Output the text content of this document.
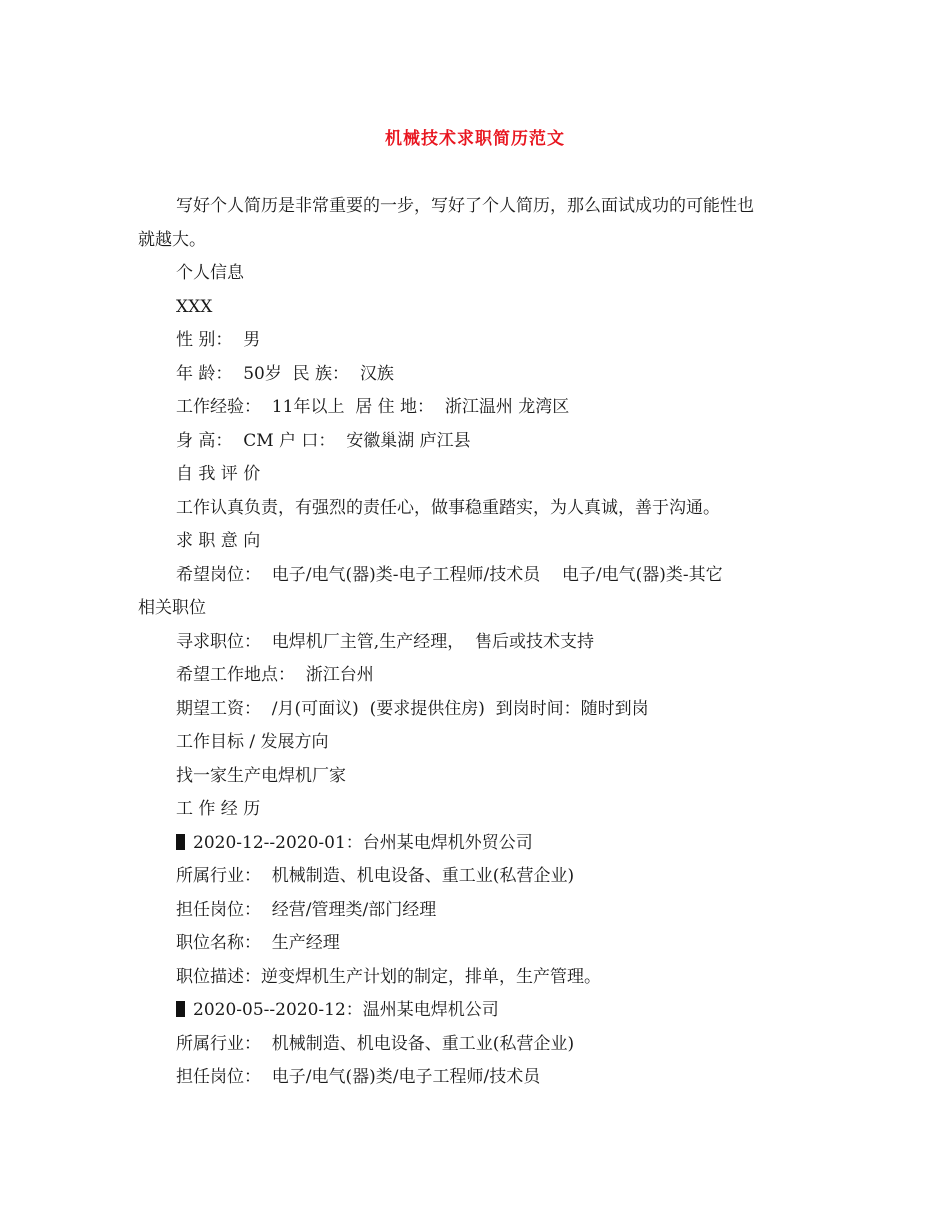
机械技术求职简历范文

写好个人简历是非常重要的一步，写好了个人简历，那么面试成功的可能性也

就越大。

个人信息

XXX

性 别：  男

年 龄：  50岁  民 族：  汉族

工作经验：  11年以上  居 住 地：  浙江温州 龙湾区

身 高：  CM 户 口：  安徽巢湖 庐江县

自 我 评 价

工作认真负责，有强烈的责任心，做事稳重踏实，为人真诚，善于沟通。

求 职 意 向

希望岗位：  电子/电气(器)类-电子工程师/技术员    电子/电气(器)类-其它

相关职位

寻求职位：  电焊机厂主管,生产经理，  售后或技术支持

希望工作地点：  浙江台州

期望工资：  /月(可面议)  (要求提供住房)  到岗时间：随时到岗

工作目标 / 发展方向

找一家生产电焊机厂家

工 作 经 历

2020-12--2020-01：台州某电焊机外贸公司

所属行业：  机械制造、机电设备、重工业(私营企业)

担任岗位：  经营/管理类/部门经理

职位名称：  生产经理

职位描述：逆变焊机生产计划的制定，排单，生产管理。

2020-05--2020-12：温州某电焊机公司

所属行业：  机械制造、机电设备、重工业(私营企业)

担任岗位：  电子/电气(器)类/电子工程师/技术员
